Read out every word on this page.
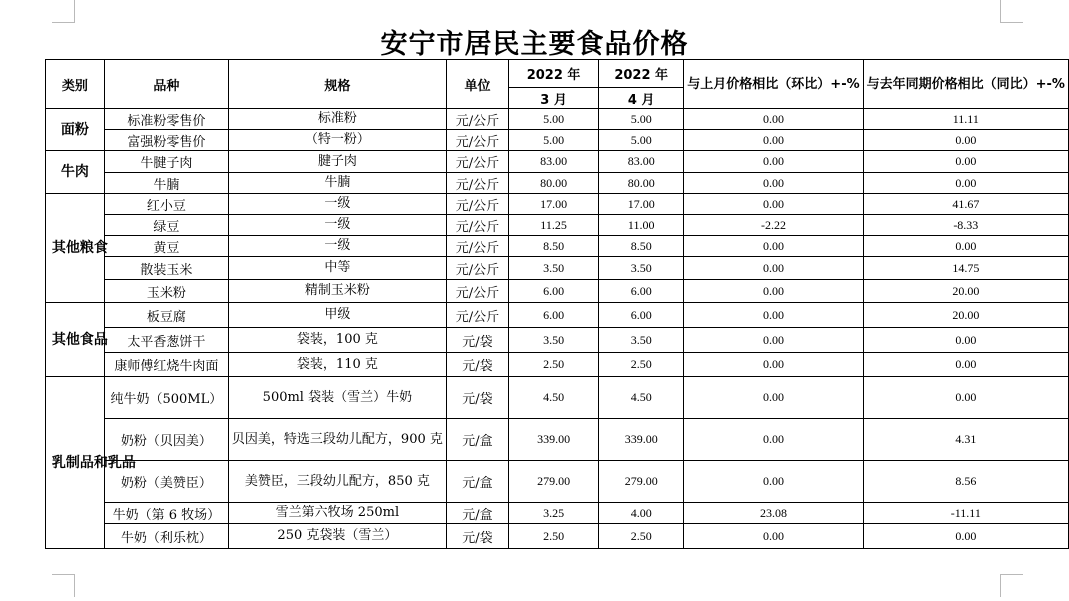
安宁市居民主要食品价格
类别	品种	规格	单位	2022 年	2022 年	与上月价格相比（环比）+-%	与去年同期价格相比（同比）+-%
				3 月	4 月		
面粉	标准粉零售价	标准粉	元/公斤	5.00	5.00	0.00	11.11
	富强粉零售价	（特一粉）	元/公斤	5.00	5.00	0.00	0.00
牛肉	牛腱子肉	腱子肉	元/公斤	83.00	83.00	0.00	0.00
	牛腩	牛腩	元/公斤	80.00	80.00	0.00	0.00
其他粮食	红小豆	一级	元/公斤	17.00	17.00	0.00	41.67
	绿豆	一级	元/公斤	11.25	11.00	-2.22	-8.33
	黄豆	一级	元/公斤	8.50	8.50	0.00	0.00
	散装玉米	中等	元/公斤	3.50	3.50	0.00	14.75
	玉米粉	精制玉米粉	元/公斤	6.00	6.00	0.00	20.00
其他食品	板豆腐	甲级	元/公斤	6.00	6.00	0.00	20.00
	太平香葱饼干	袋装，100 克	元/袋	3.50	3.50	0.00	0.00
	康师傅红烧牛肉面	袋装，110 克	元/袋	2.50	2.50	0.00	0.00
乳制品和乳品	纯牛奶（500ML）	500ml 袋装（雪兰）牛奶	元/袋	4.50	4.50	0.00	0.00
	奶粉（贝因美）	贝因美，特选三段幼儿配方，900 克	元/盒	339.00	339.00	0.00	4.31
	奶粉（美赞臣）	美赞臣，三段幼儿配方，850 克	元/盒	279.00	279.00	0.00	8.56
	牛奶（第 6 牧场）	雪兰第六牧场 250ml	元/盒	3.25	4.00	23.08	-11.11
	牛奶（利乐枕）	250 克袋装（雪兰）	元/袋	2.50	2.50	0.00	0.00
